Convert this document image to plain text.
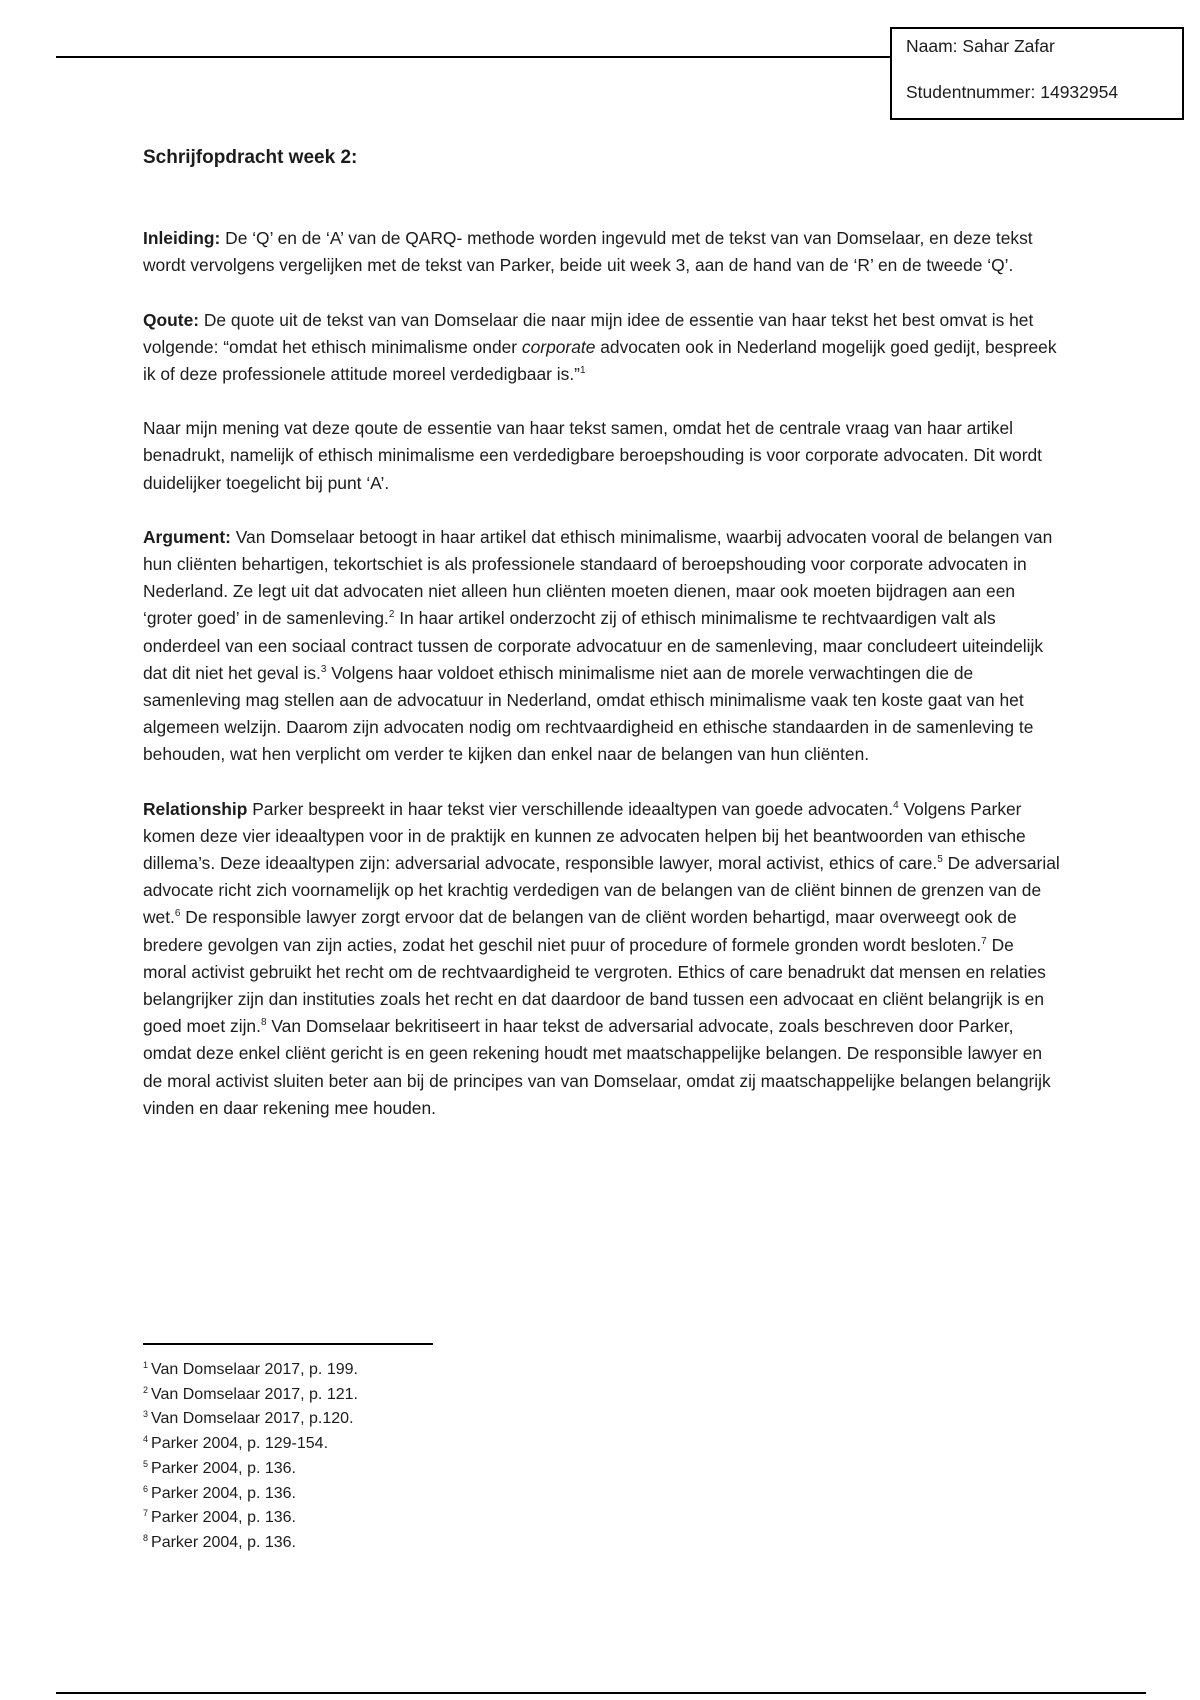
Naam: Sahar Zafar
Studentnummer: 14932954

Schrijfopdracht week 2:

Inleiding: De ‘Q’ en de ‘A’ van de QARQ- methode worden ingevuld met de tekst van van Domselaar, en deze tekst wordt vervolgens vergelijken met de tekst van Parker, beide uit week 3, aan de hand van de ‘R’ en de tweede ‘Q’.

Qoute: De quote uit de tekst van van Domselaar die naar mijn idee de essentie van haar tekst het best omvat is het volgende: “omdat het ethisch minimalisme onder corporate advocaten ook in Nederland mogelijk goed gedijt, bespreek ik of deze professionele attitude moreel verdedigbaar is.”$^1$

Naar mijn mening vat deze qoute de essentie van haar tekst samen, omdat het de centrale vraag van haar artikel benadrukt, namelijk of ethisch minimalisme een verdedigbare beroepshouding is voor corporate advocaten. Dit wordt duidelijker toegelicht bij punt ‘A’.

Argument: Van Domselaar betoogt in haar artikel dat ethisch minimalisme, waarbij advocaten vooral de belangen van hun cliënten behartigen, tekortschiet is als professionele standaard of beroepshouding voor corporate advocaten in Nederland. Ze legt uit dat advocaten niet alleen hun cliënten moeten dienen, maar ook moeten bijdragen aan een ‘groter goed’ in de samenleving.$^2$ In haar artikel onderzocht zij of ethisch minimalisme te rechtvaardigen valt als onderdeel van een sociaal contract tussen de corporate advocatuur en de samenleving, maar concludeert uiteindelijk dat dit niet het geval is.$^3$ Volgens haar voldoet ethisch minimalisme niet aan de morele verwachtingen die de samenleving mag stellen aan de advocatuur in Nederland, omdat ethisch minimalisme vaak ten koste gaat van het algemeen welzijn. Daarom zijn advocaten nodig om rechtvaardigheid en ethische standaarden in de samenleving te behouden, wat hen verplicht om verder te kijken dan enkel naar de belangen van hun cliënten.

Relationship Parker bespreekt in haar tekst vier verschillende ideaaltypen van goede advocaten.$^4$ Volgens Parker komen deze vier ideaaltypen voor in de praktijk en kunnen ze advocaten helpen bij het beantwoorden van ethische dillema’s. Deze ideaaltypen zijn: adversarial advocate, responsible lawyer, moral activist, ethics of care.$^5$ De adversarial advocate richt zich voornamelijk op het krachtig verdedigen van de belangen van de cliënt binnen de grenzen van de wet.$^6$ De responsible lawyer zorgt ervoor dat de belangen van de cliënt worden behartigd, maar overweegt ook de bredere gevolgen van zijn acties, zodat het geschil niet puur of procedure of formele gronden wordt besloten.$^7$ De moral activist gebruikt het recht om de rechtvaardigheid te vergroten. Ethics of care benadrukt dat mensen en relaties belangrijker zijn dan instituties zoals het recht en dat daardoor de band tussen een advocaat en cliënt belangrijk is en goed moet zijn.$^8$ Van Domselaar bekritiseert in haar tekst de adversarial advocate, zoals beschreven door Parker, omdat deze enkel cliënt gericht is en geen rekening houdt met maatschappelijke belangen. De responsible lawyer en de moral activist sluiten beter aan bij de principes van van Domselaar, omdat zij maatschappelijke belangen belangrijk vinden en daar rekening mee houden.

$^1$ Van Domselaar 2017, p. 199.
$^2$ Van Domselaar 2017, p. 121.
$^3$ Van Domselaar 2017, p.120.
$^4$ Parker 2004, p. 129-154.
$^5$ Parker 2004, p. 136.
$^6$ Parker 2004, p. 136.
$^7$ Parker 2004, p. 136.
$^8$ Parker 2004, p. 136.
